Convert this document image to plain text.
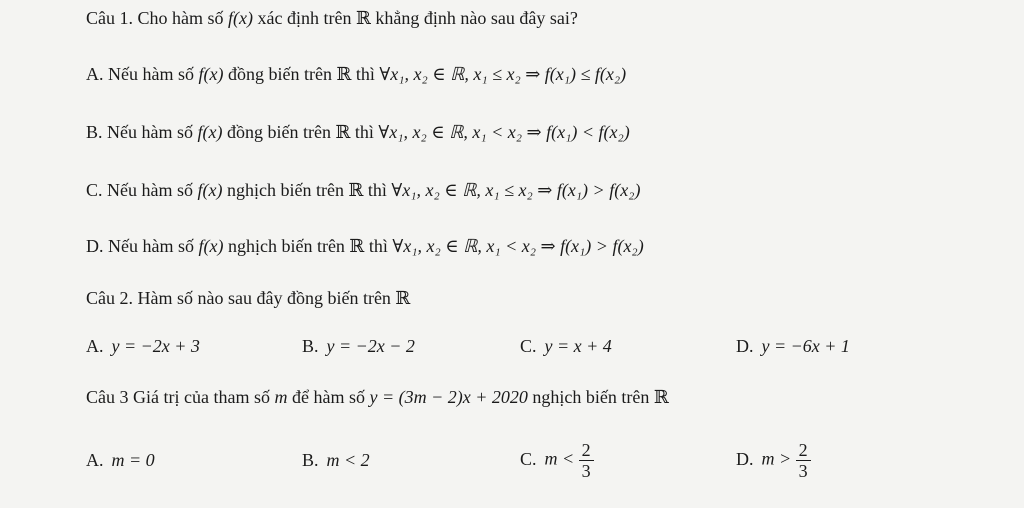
Câu 1. Cho hàm số f(x) xác định trên ℝ khẳng định nào sau đây sai?
A. Nếu hàm số f(x) đồng biến trên ℝ thì ∀x₁, x₂ ∈ ℝ, x₁ ≤ x₂ ⇒ f(x₁) ≤ f(x₂)
B. Nếu hàm số f(x) đồng biến trên ℝ thì ∀x₁, x₂ ∈ ℝ, x₁ < x₂ ⇒ f(x₁) < f(x₂)
C. Nếu hàm số f(x) nghịch biến trên ℝ thì ∀x₁, x₂ ∈ ℝ, x₁ ≤ x₂ ⇒ f(x₁) > f(x₂)
D. Nếu hàm số f(x) nghịch biến trên ℝ thì ∀x₁, x₂ ∈ ℝ, x₁ < x₂ ⇒ f(x₁) > f(x₂)
Câu 2. Hàm số nào sau đây đồng biến trên ℝ
A. y = −2x + 3	B. y = −2x − 2	C. y = x + 4	D. y = −6x + 1
Câu 3 Giá trị của tham số m để hàm số y = (3m − 2)x + 2020 nghịch biến trên ℝ
A. m = 0	B. m < 2	C. $m < \frac{2}{3}$	D. $m > \frac{2}{3}$
